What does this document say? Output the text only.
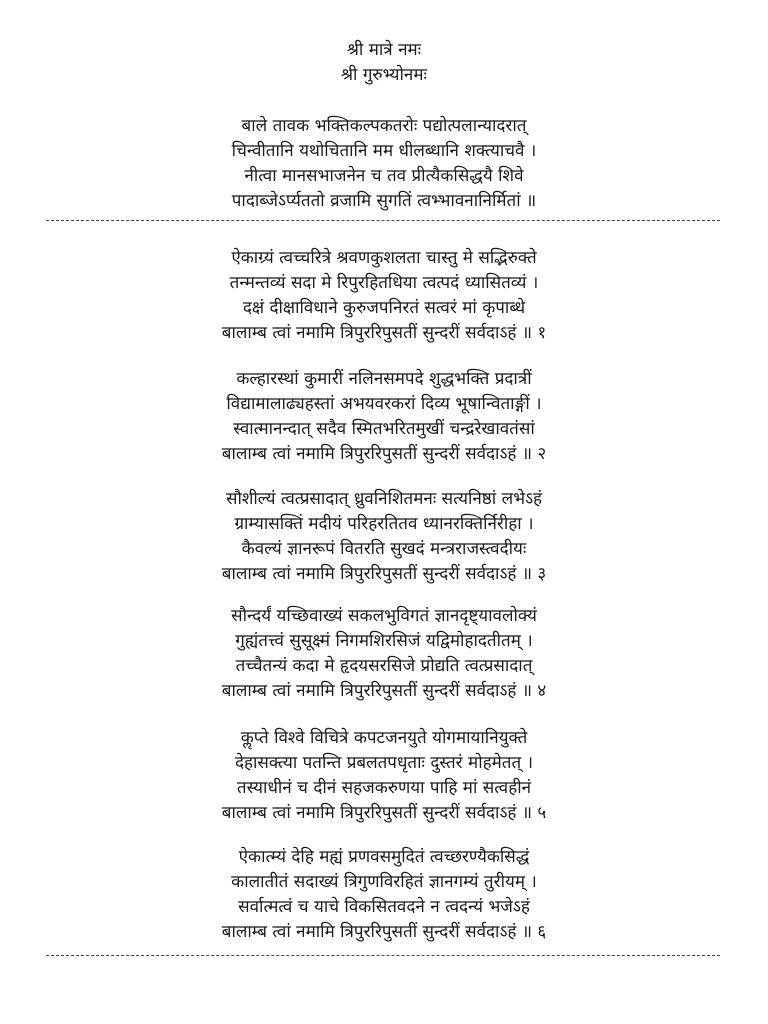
श्री मात्रे नमः
श्री गुरुभ्योनमः
बाले तावक भक्तिकल्पकतरोः पद्योत्पलान्यादरात्
चिन्वीतानि यथोचितानि मम धीलब्धानि शक्त्याचवै ।
नीत्वा मानसभाजनेन च तव प्रीत्यैकसिद्धयै शिवे
पादाब्जेऽर्प्यततो व्रजामि सुगतिं त्वभ्भावनानिर्मितां ॥
ऐकाग्र्यं त्वच्चरित्रे श्रवणकुशलता चास्तु मे सद्भिरुक्ते
तन्मन्तव्यं सदा मे रिपुरहितधिया त्वत्पदं ध्यासितव्यं ।
दक्षं दीक्षाविधाने कुरुजपनिरतं सत्वरं मां कृपाब्धे
बालाम्ब त्वां नमामि त्रिपुररिपुसतीं सुन्दरीं सर्वदाऽहं ॥ १
कल्हारस्थां कुमारीं नलिनसमपदे शुद्धभक्ति प्रदात्रीं
विद्यामालाढ्यहस्तां अभयवरकरां दिव्य भूषान्विताङ्गीं ।
स्वात्मानन्दात् सदैव स्मितभरितमुखीं चन्द्ररेखावतंसां
बालाम्ब त्वां नमामि त्रिपुररिपुसतीं सुन्दरीं सर्वदाऽहं ॥ २
सौशील्यं त्वत्प्रसादात् ध्रुवनिशितमनः सत्यनिष्ठां लभेऽहं
ग्राम्यासक्तिं मदीयं परिहरतितव ध्यानरक्तिर्निरीहा ।
कैवल्यं ज्ञानरूपं वितरति सुखदं मन्त्रराजस्त्वदीयः
बालाम्ब त्वां नमामि त्रिपुररिपुसतीं सुन्दरीं सर्वदाऽहं ॥ ३
सौन्दर्यं यच्छिवाख्यं सकलभुविगतं ज्ञानदृष्ट्यावलोक्यं
गुह्यंतत्त्वं सुसूक्ष्मं निगमशिरसिजं यद्विमोहादतीतम् ।
तच्चैतन्यं कदा मे हृदयसरसिजे प्रोद्यति त्वत्प्रसादात्
बालाम्ब त्वां नमामि त्रिपुररिपुसतीं सुन्दरीं सर्वदाऽहं ॥ ४
कॢप्ते विश्वे विचित्रे कपटजनयुते योगमायानियुक्ते
देहासक्त्या पतन्ति प्रबलतपधृताः दुस्तरं मोहमेतत् ।
तस्याधीनं च दीनं सहजकरुणया पाहि मां सत्वहीनं
बालाम्ब त्वां नमामि त्रिपुररिपुसतीं सुन्दरीं सर्वदाऽहं ॥ ५
ऐकात्म्यं देहि मह्यं प्रणवसमुदितं त्वच्छरण्यैकसिद्धं
कालातीतं सदाख्यं त्रिगुणविरहितं ज्ञानगम्यं तुरीयम् ।
सर्वात्मत्वं च याचे विकसितवदने न त्वदन्यं भजेऽहं
बालाम्ब त्वां नमामि त्रिपुररिपुसतीं सुन्दरीं सर्वदाऽहं ॥ ६
